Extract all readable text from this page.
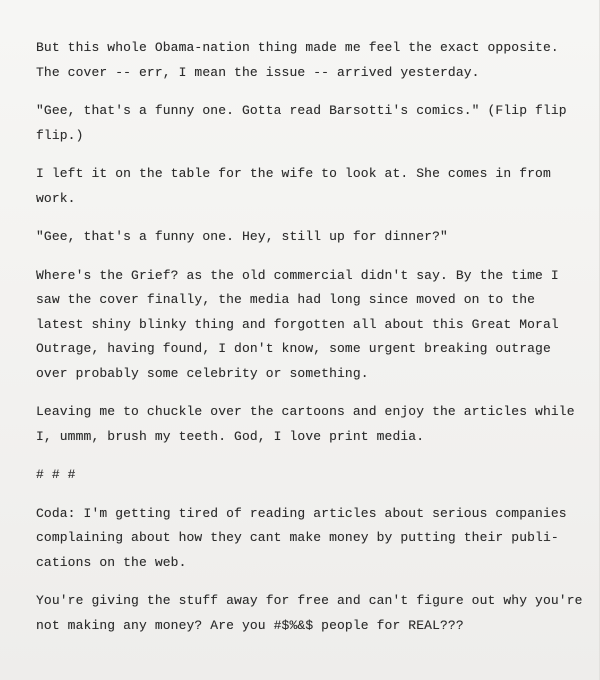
But this whole Obama-nation thing made me feel the exact opposite.
The cover -- err, I mean the issue -- arrived yesterday.
"Gee, that's a funny one. Gotta read Barsotti's comics." (Flip flip
flip.)
I left it on the table for the wife to look at. She comes in from
work.
"Gee, that's a funny one. Hey, still up for dinner?"
Where's the Grief? as the old commercial didn't say. By the time I
saw the cover finally, the media had long since moved on to the
latest shiny blinky thing and forgotten all about this Great Moral
Outrage, having found, I don't know, some urgent breaking outrage
over probably some celebrity or something.
Leaving me to chuckle over the cartoons and enjoy the articles while
I, ummm, brush my teeth. God, I love print media.
# # #
Coda: I'm getting tired of reading articles about serious companies
complaining about how they cant make money by putting their publi-
cations on the web.
You're giving the stuff away for free and can't figure out why you're
not making any money? Are you #$%&$ people for REAL???
